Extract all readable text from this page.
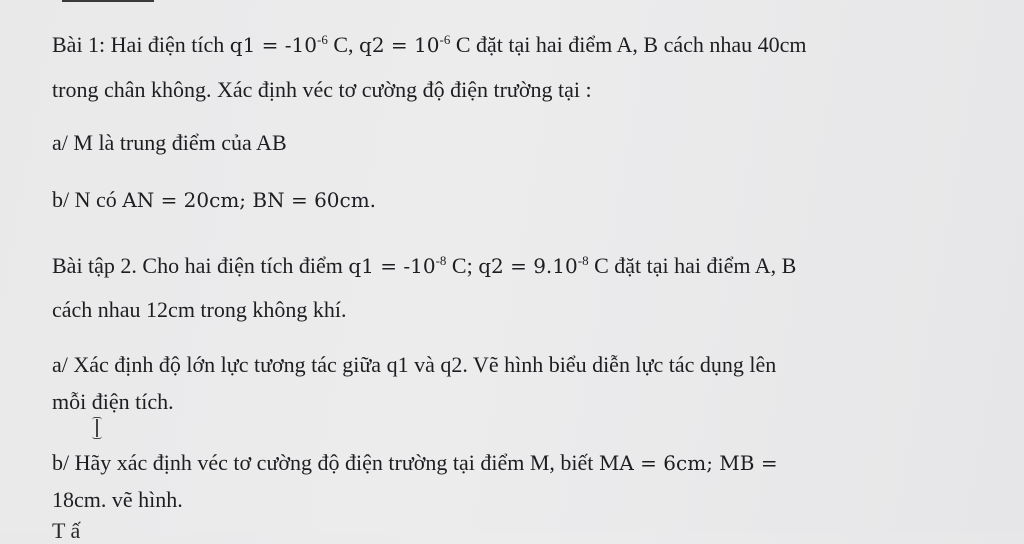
Bài 1: Hai điện tích $q1 = -10^{-6}$ C, $q2 = 10^{-6}$ C đặt tại hai điểm A, B cách nhau 40cm
trong chân không. Xác định véc tơ cường độ điện trường tại :
a/ M là trung điểm của AB
b/ N có AN = 20cm; BN = 60cm.
Bài tập 2. Cho hai điện tích điểm $q1 = -10^{-8}$ C; $q2 = 9.10^{-8}$ C đặt tại hai điểm A, B
cách nhau 12cm trong không khí.
a/ Xác định độ lớn lực tương tác giữa q1 và q2. Vẽ hình biểu diễn lực tác dụng lên
mỗi điện tích.
b/ Hãy xác định véc tơ cường độ điện trường tại điểm M, biết MA = 6cm; MB =
18cm. vẽ hình.
T ấ
